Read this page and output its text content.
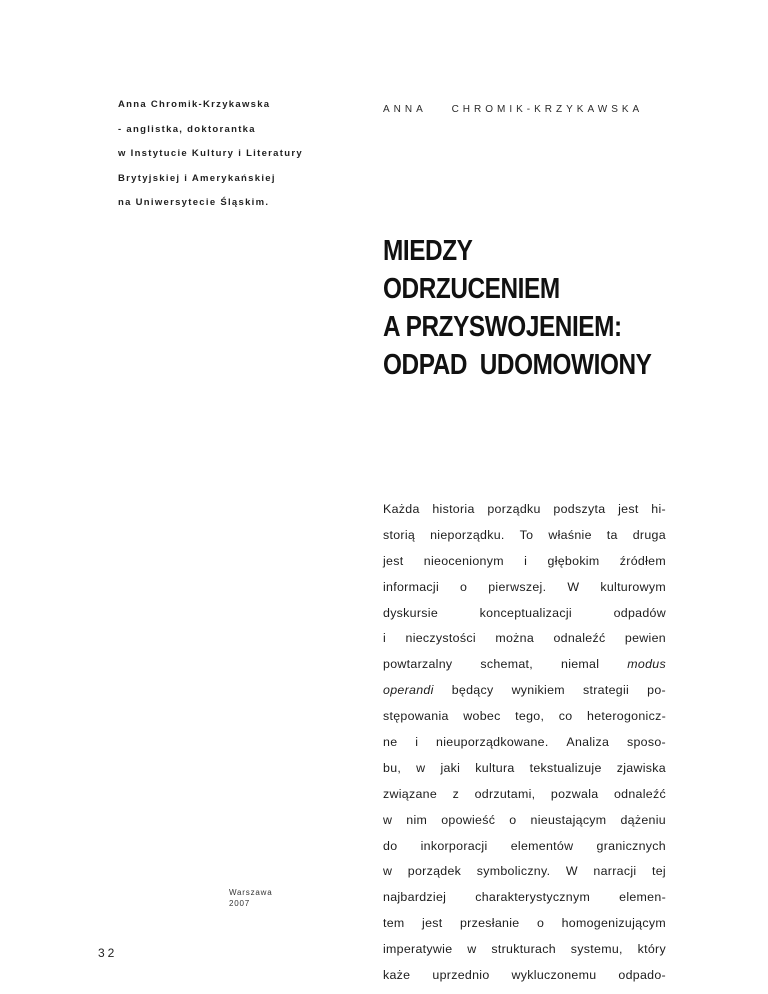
Anna Chromik-Krzykawska
- anglistka, doktorantka
w Instytucie Kultury i Literatury
Brytyjskiej i Amerykańskiej
na Uniwersytecie Śląskim.
ANNA CHROMIK-KRZYKAWSKA
MIEDZY
ODRZUCENIEM
A PRZYSWOJENIEM:
ODPAD  UDOMOWIONY
Każda historia porządku podszyta jest hi-
storią nieporządku. To właśnie ta druga
jest nieocenionym i głębokim źródłem
informacji o pierwszej. W kulturowym
dyskursie	konceptualizacji	odpadów
i nieczystości można odnaleźć pewien
powtarzalny schemat, niemal modus
operandi będący wynikiem strategii po-
stępowania wobec tego, co heterogonicz-
ne i nieuporządkowane. Analiza sposo-
bu, w jaki kultura tekstualizuje zjawiska
związane z odrzutami, pozwala odnaleźć
w nim opowieść o nieustającym dążeniu
do inkorporacji elementów granicznych
w porządek symboliczny. W narracji tej
najbardziej charakterystycznym elemen-
tem jest przesłanie o homogenizującym
imperatywie w strukturach systemu, który
każe uprzednio wykluczonemu odpado-
Warszawa
2007
32
